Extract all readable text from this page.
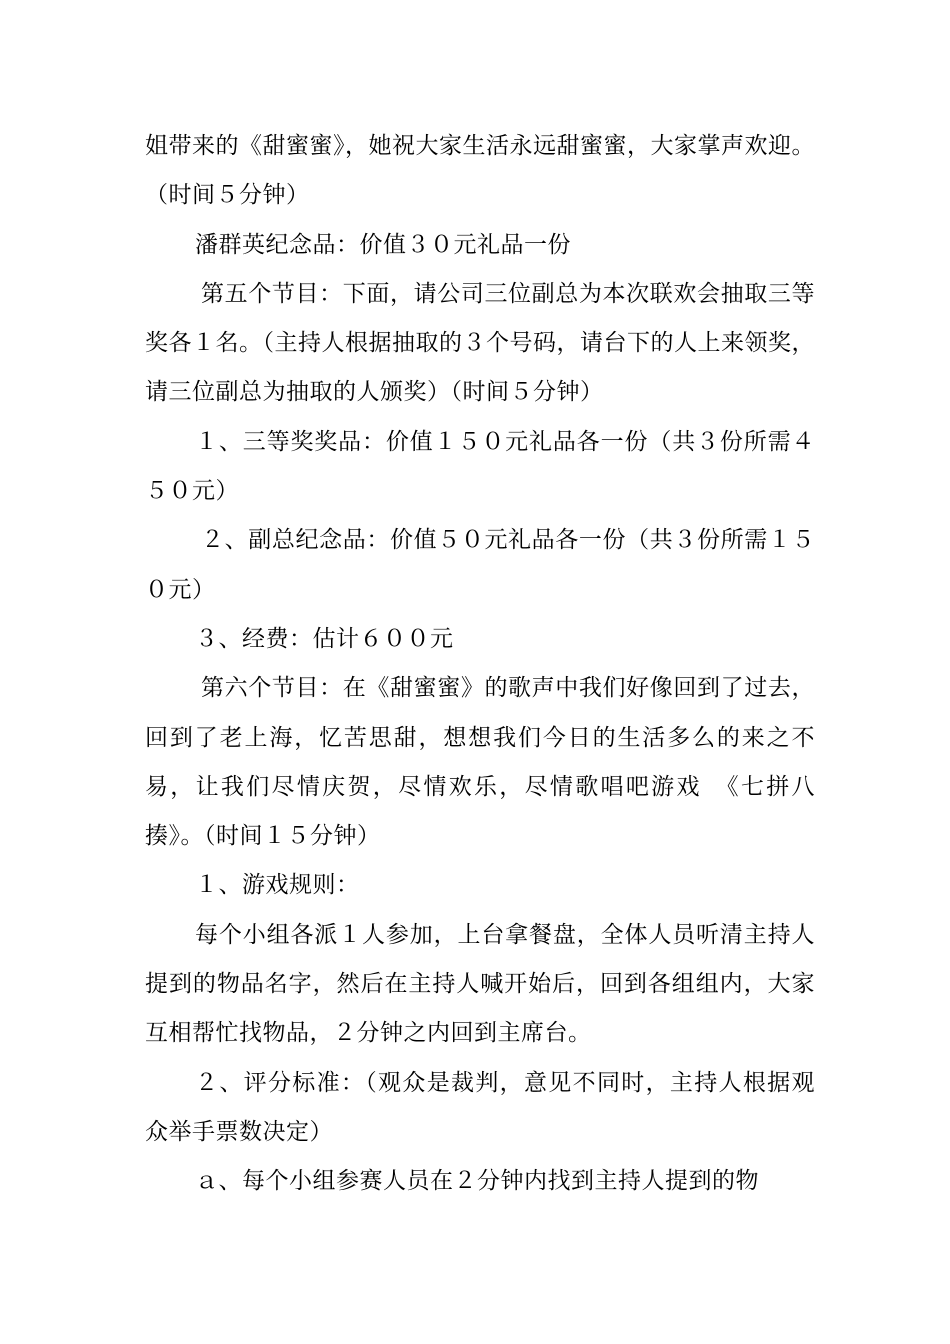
姐带来的《甜蜜蜜》，她祝大家生活永远甜蜜蜜，大家掌声欢迎。（时间５分钟）

潘群英纪念品：价值３０元礼品一份

第五个节目：下面，请公司三位副总为本次联欢会抽取三等奖各１名。（主持人根据抽取的３个号码，请台下的人上来领奖，请三位副总为抽取的人颁奖）（时间５分钟）

１、三等奖奖品：价值１５０元礼品各一份（共３份所需４５０元）

２、副总纪念品：价值５０元礼品各一份（共３份所需１５０元）

３、经费：估计６００元

第六个节目：在《甜蜜蜜》的歌声中我们好像回到了过去，回到了老上海，忆苦思甜，想想我们今日的生活多么的来之不易，让我们尽情庆贺，尽情欢乐，尽情歌唱吧游戏　《七拼八揍》。（时间１５分钟）

１、游戏规则：

每个小组各派１人参加，上台拿餐盘，全体人员听清主持人提到的物品名字，然后在主持人喊开始后，回到各组组内，大家互相帮忙找物品，２分钟之内回到主席台。

２、评分标准：（观众是裁判，意见不同时，主持人根据观众举手票数决定）

ａ、每个小组参赛人员在２分钟内找到主持人提到的物
